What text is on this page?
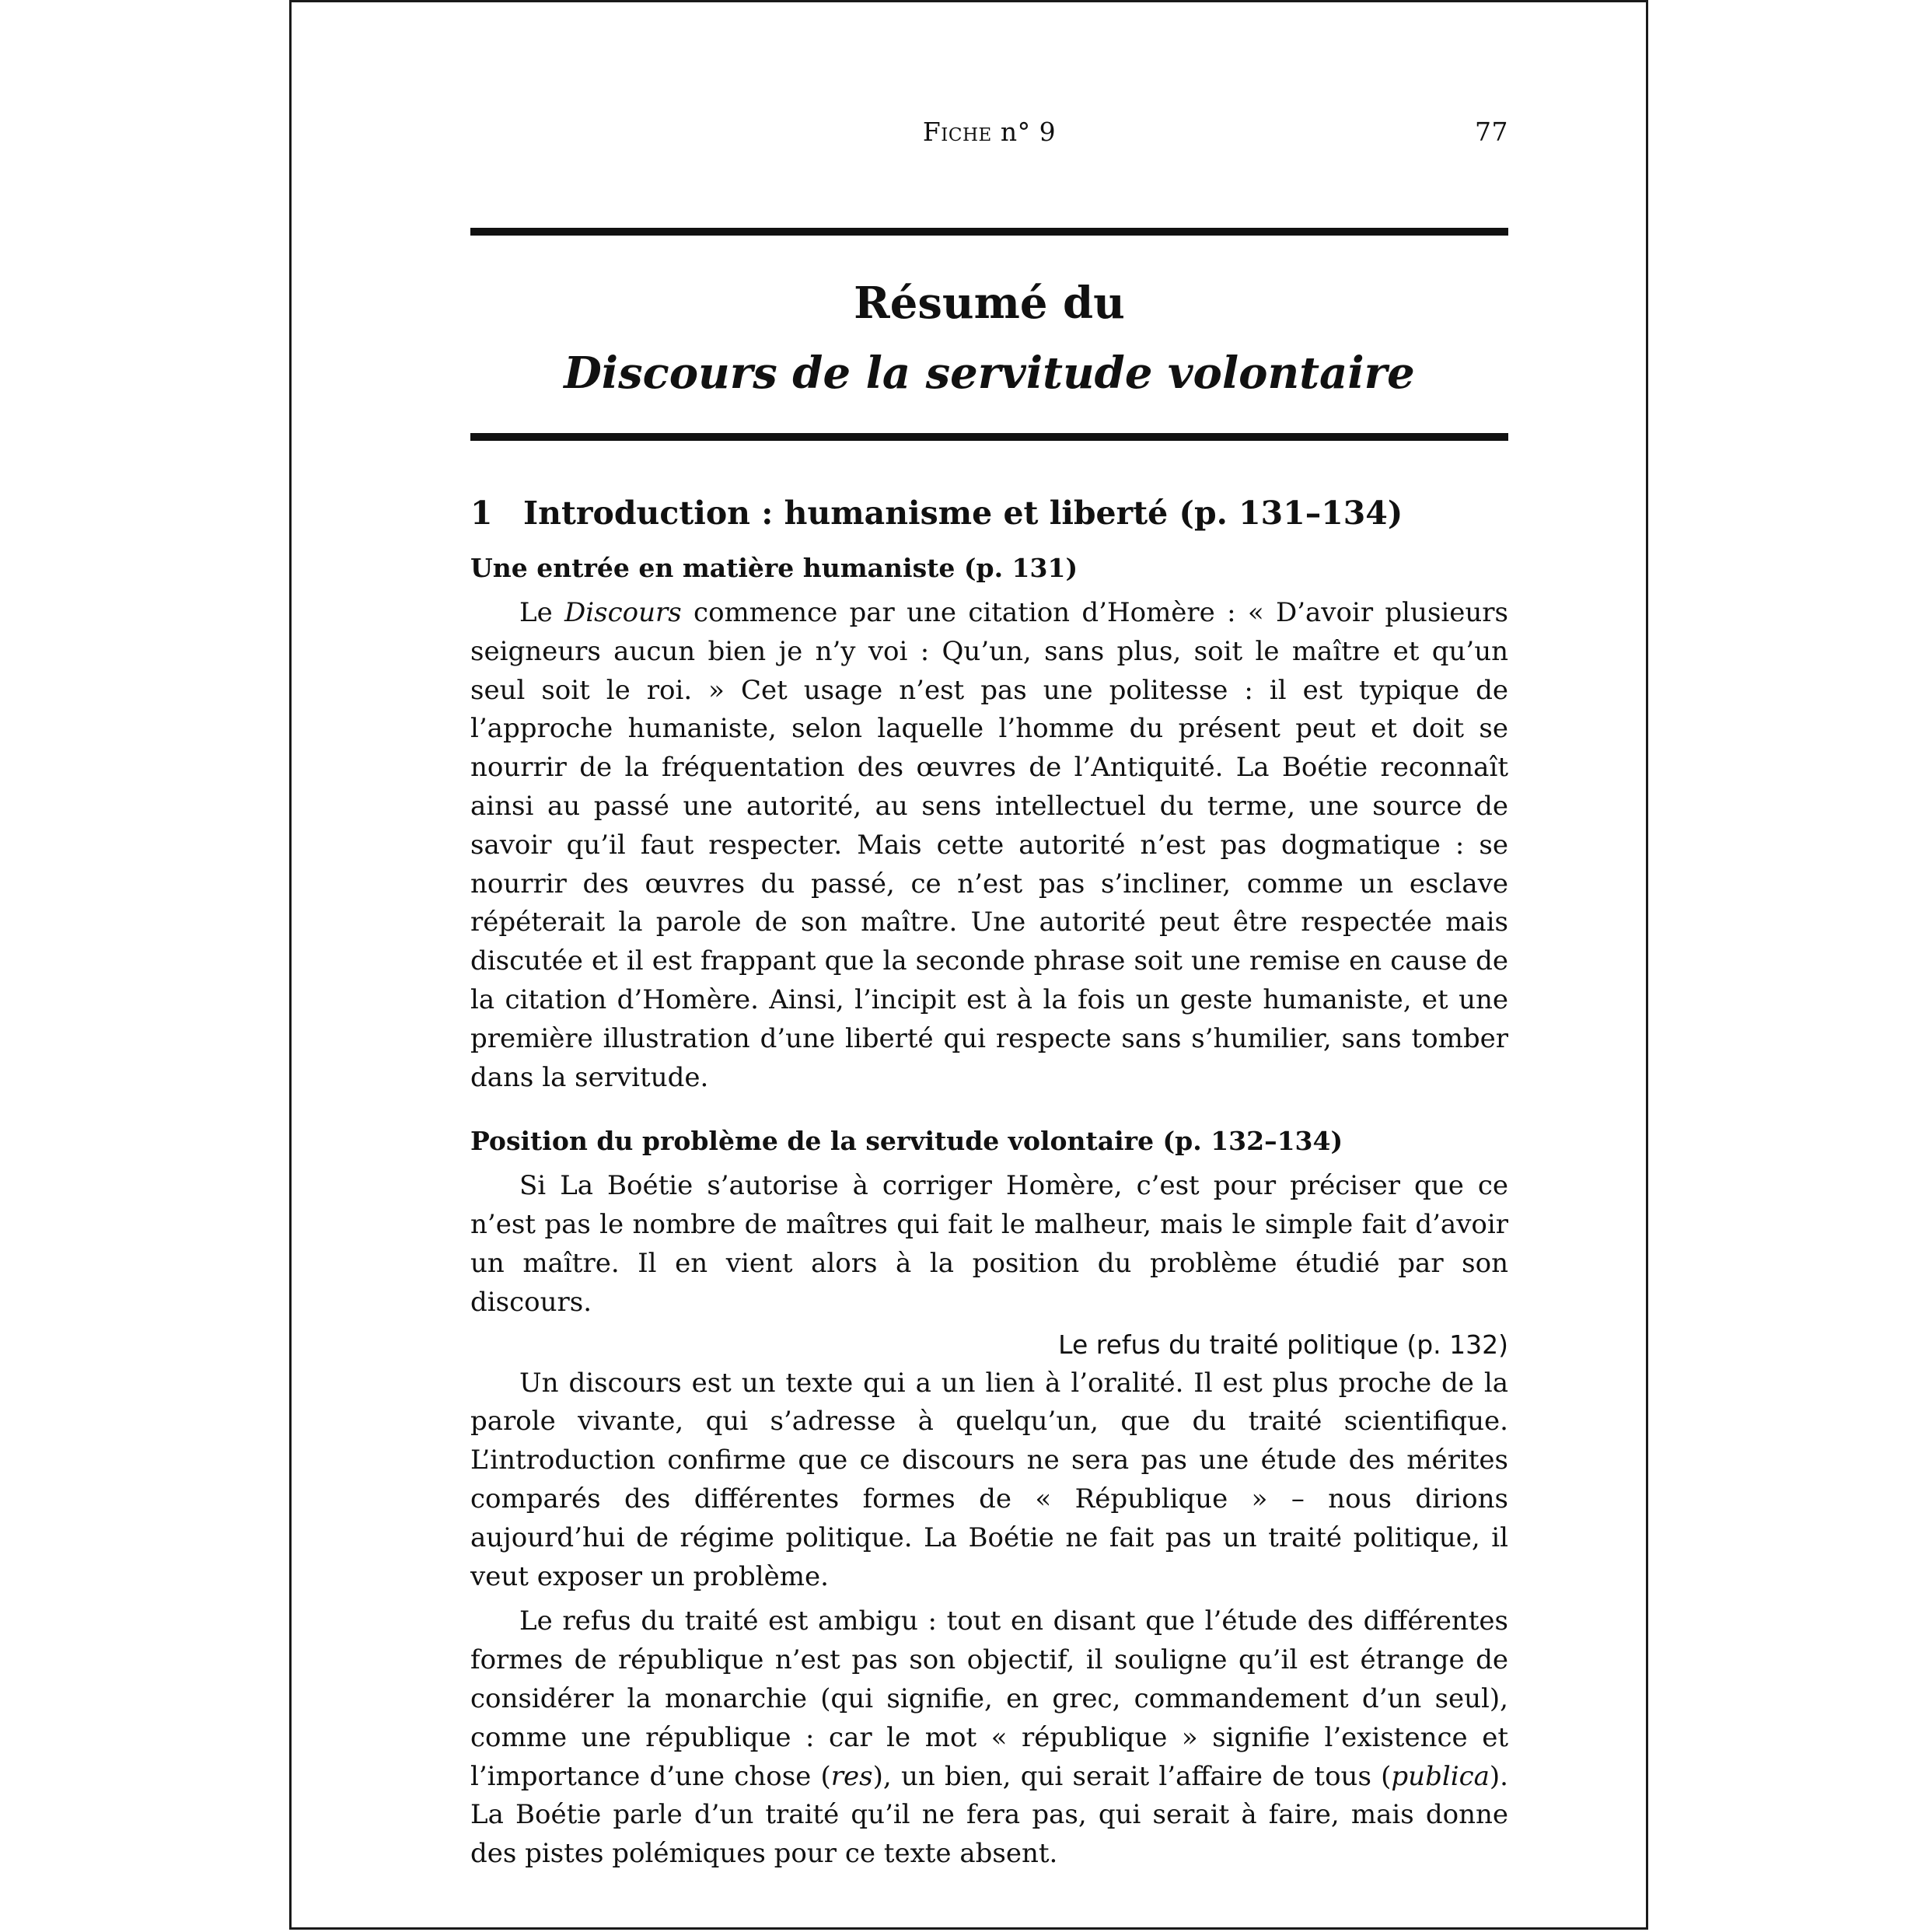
Fiche n° 9	77
Résumé du
Discours de la servitude volontaire
1 Introduction : humanisme et liberté (p. 131–134)
Une entrée en matière humaniste (p. 131)

Le Discours commence par une citation d’Homère : « D’avoir plusieurs seigneurs aucun bien je n’y voi : Qu’un, sans plus, soit le maître et qu’un seul soit le roi. » Cet usage n’est pas une politesse : il est typique de l’approche humaniste, selon laquelle l’homme du présent peut et doit se nourrir de la fréquentation des œuvres de l’Antiquité. La Boétie reconnaît ainsi au passé une autorité, au sens intellectuel du terme, une source de savoir qu’il faut respecter. Mais cette autorité n’est pas dogmatique : se nourrir des œuvres du passé, ce n’est pas s’incliner, comme un esclave répéterait la parole de son maître. Une autorité peut être respectée mais discutée et il est frappant que la seconde phrase soit une remise en cause de la citation d’Homère. Ainsi, l’incipit est à la fois un geste humaniste, et une première illustration d’une liberté qui respecte sans s’humilier, sans tomber dans la servitude.

Position du problème de la servitude volontaire (p. 132–134)

Si La Boétie s’autorise à corriger Homère, c’est pour préciser que ce n’est pas le nombre de maîtres qui fait le malheur, mais le simple fait d’avoir un maître. Il en vient alors à la position du problème étudié par son discours.

Le refus du traité politique (p. 132)

Un discours est un texte qui a un lien à l’oralité. Il est plus proche de la parole vivante, qui s’adresse à quelqu’un, que du traité scientifique. L’introduction confirme que ce discours ne sera pas une étude des mérites comparés des différentes formes de « République » – nous dirions aujourd’hui de régime politique. La Boétie ne fait pas un traité politique, il veut exposer un problème.

Le refus du traité est ambigu : tout en disant que l’étude des différentes formes de république n’est pas son objectif, il souligne qu’il est étrange de considérer la monarchie (qui signifie, en grec, commandement d’un seul), comme une république : car le mot « république » signifie l’existence et l’importance d’une chose (res), un bien, qui serait l’affaire de tous (publica). La Boétie parle d’un traité qu’il ne fera pas, qui serait à faire, mais donne des pistes polémiques pour ce texte absent.
